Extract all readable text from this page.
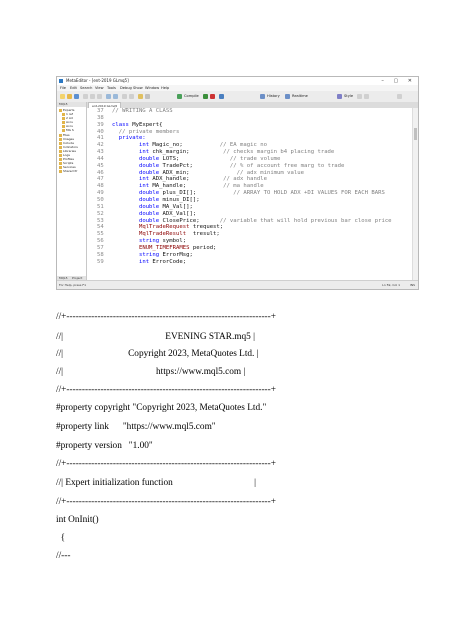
MetaEditor - [ent-2019 GLmq5]	– ▢ ✕
File Edit Search View Tools Debug Show Window Help
Compile	History	Realtime	Style
MQL5
Experts
1 ref
2 Ad
Accu
Accu
MG S
Files
Images
Include
Indicators
Libraries
Logs
Profiles
Scripts
Services
Shared Pr
MQL5 Project
ent-2019 GLmq5
37 // WRITING A CLASS
38
39 class MyExpert{
40  // private members
41  private:
42	int Magic_no;           // EA magic no
43	int chk_margin;          // checks margin b4 placing trade
44	double LOTS;               // trade volume
45	double TradePct;           // % of account free marg to trade
46	double ADX_min;              // adx minimum value
47	int ADX_handle;          // adx handle
48	int MA_handle;           // ma handle
49	double plus_DI[];           // ARRAY TO HOLD ADX +DI VALUES FOR EACH BARS
50	double minus_DI[];
51	double MA_Val[];
52	double ADX_Val[];
53	double ClosePrice;      // variable that will hold previous bar close price
54	MqlTradeRequest trequest;
55	MqlTradeResult  tresult;
56	string symbol;
57	ENUM_TIMEFRAMES period;
58	string ErrorMsg;
59	int ErrorCode;
For Help, press F1	Ln 59, Col 1	INS
//+------------------------------------------------------------------+
//|                                            EVENING STAR.mq5 |
//|                            Copyright 2023, MetaQuotes Ltd. |
//|                                        https://www.mql5.com |
//+------------------------------------------------------------------+
#property copyright "Copyright 2023, MetaQuotes Ltd."
#property link      "https://www.mql5.com"
#property version   "1.00"
//+------------------------------------------------------------------+
//| Expert initialization function                                   |
//+------------------------------------------------------------------+
int OnInit()
{
//---
